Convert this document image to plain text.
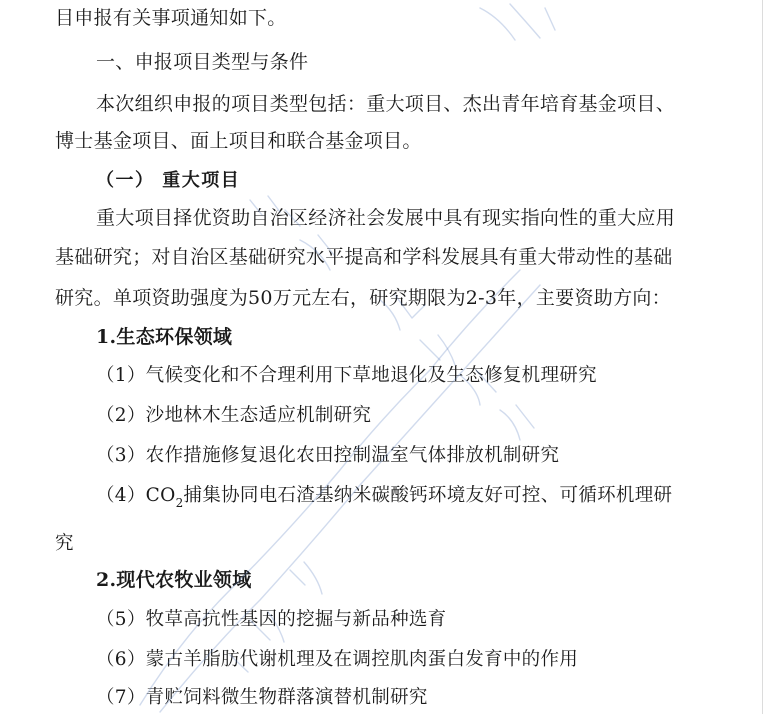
目申报有关事项通知如下。
一、申报项目类型与条件
本次组织申报的项目类型包括：重大项目、杰出青年培育基金项目、
博士基金项目、面上项目和联合基金项目。
（一） 重大项目
重大项目择优资助自治区经济社会发展中具有现实指向性的重大应用
基础研究；对自治区基础研究水平提高和学科发展具有重大带动性的基础
研究。单项资助强度为50万元左右，研究期限为2-3年，主要资助方向：
1.生态环保领域
（1）气候变化和不合理利用下草地退化及生态修复机理研究
（2）沙地林木生态适应机制研究
（3）农作措施修复退化农田控制温室气体排放机制研究
$(4)CO_2$捕集协同电石渣基纳米碳酸钙环境友好可控、可循环机理研
究
2.现代农牧业领域
（5）牧草高抗性基因的挖掘与新品种选育
（6）蒙古羊脂肪代谢机理及在调控肌肉蛋白发育中的作用
（7）青贮饲料微生物群落演替机制研究
